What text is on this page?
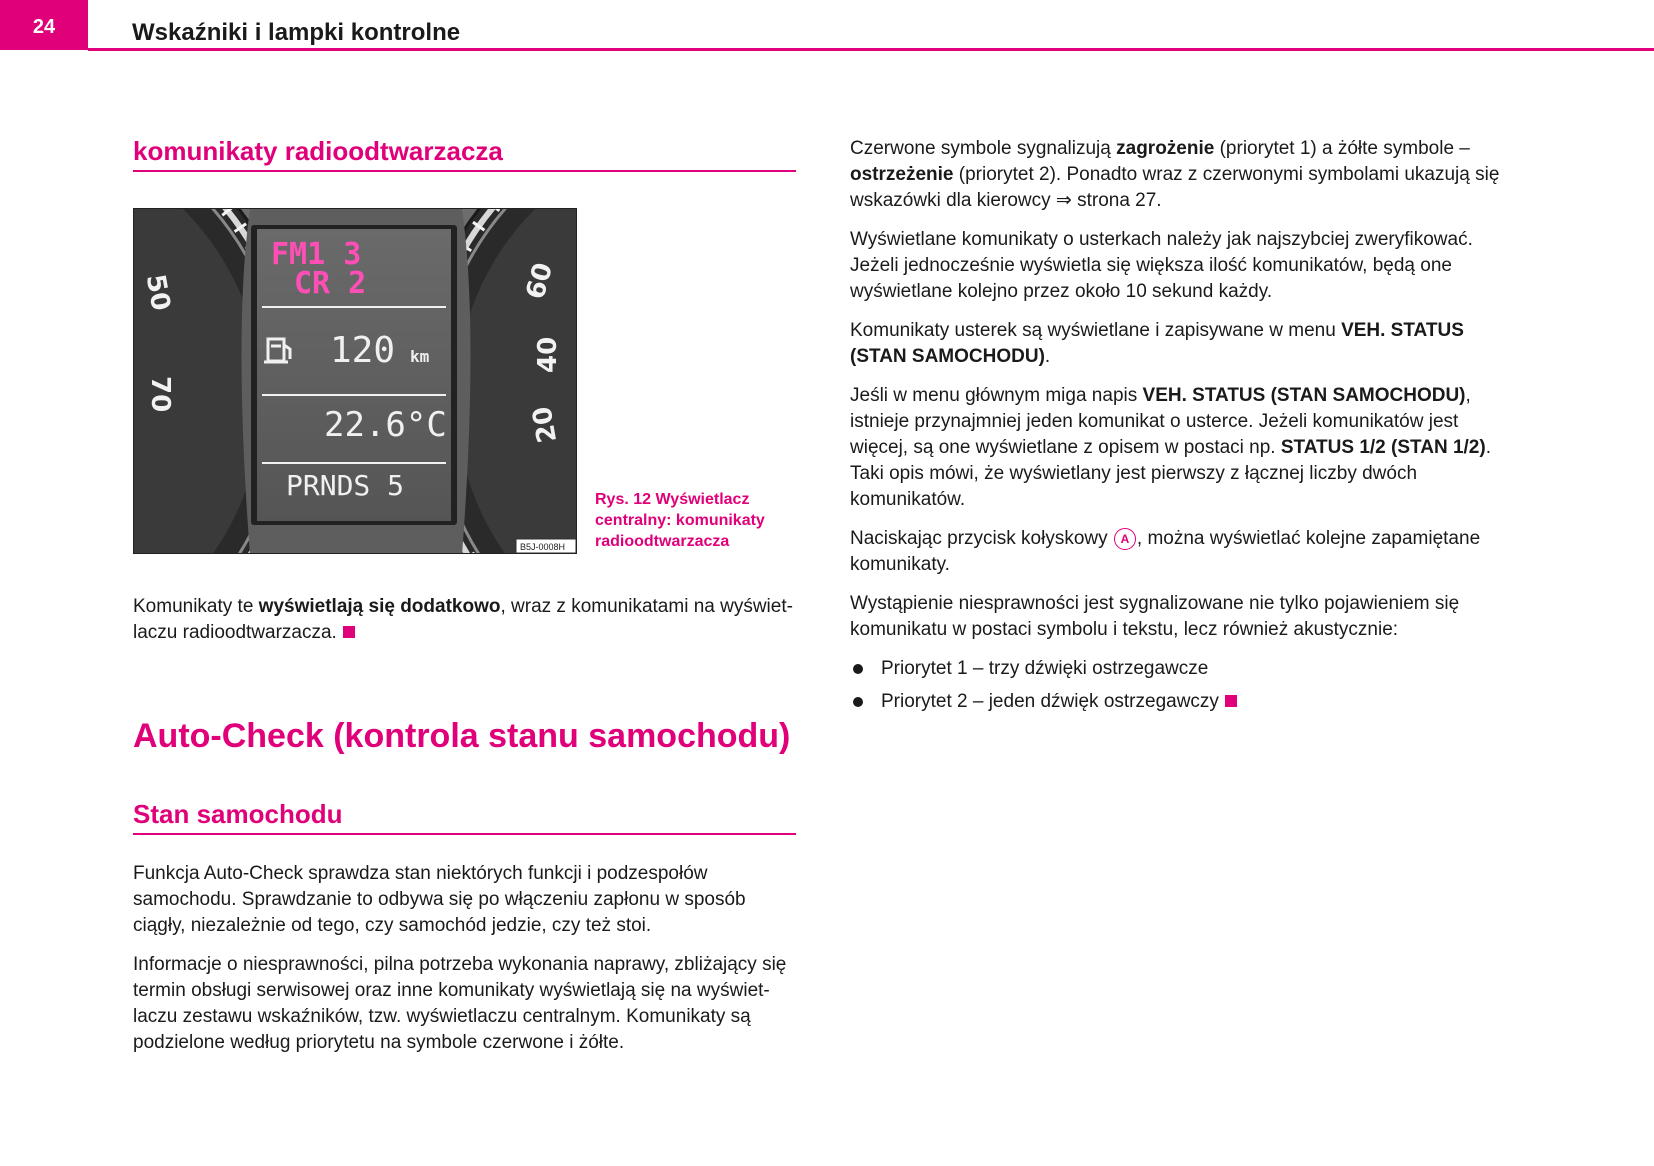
24	Wskaźniki i lampki kontrolne
komunikaty radioodtwarzacza
50
70
60
40
20
FM1 3
CR 2
120 km
22.6°C
PRNDS 5
B5J-0008H
Rys. 12 Wyświetlacz centralny: komunikaty radioodtwarzacza

Komunikaty te wyświetlają się dodatkowo, wraz z komunikatami na wyświet-laczu radioodtwarzacza.

Auto-Check (kontrola stanu samochodu)
Stan samochodu

Funkcja Auto-Check sprawdza stan niektórych funkcji i podzespołów samochodu. Sprawdzanie to odbywa się po włączeniu zapłonu w sposób ciągły, niezależnie od tego, czy samochód jedzie, czy też stoi.

Informacje o niesprawności, pilna potrzeba wykonania naprawy, zbliżający się termin obsługi serwisowej oraz inne komunikaty wyświetlają się na wyświet-laczu zestawu wskaźników, tzw. wyświetlaczu centralnym. Komunikaty są podzielone według priorytetu na symbole czerwone i żółte.

Czerwone symbole sygnalizują zagrożenie (priorytet 1) a żółte symbole – ostrzeżenie (priorytet 2). Ponadto wraz z czerwonymi symbolami ukazują się wskazówki dla kierowcy ⇒ strona 27.

Wyświetlane komunikaty o usterkach należy jak najszybciej zweryfikować. Jeżeli jednocześnie wyświetla się większa ilość komunikatów, będą one wyświetlane kolejno przez około 10 sekund każdy.

Komunikaty usterek są wyświetlane i zapisywane w menu VEH. STATUS (STAN SAMOCHODU).

Jeśli w menu głównym miga napis VEH. STATUS (STAN SAMOCHODU), istnieje przynajmniej jeden komunikat o usterce. Jeżeli komunikatów jest więcej, są one wyświetlane z opisem w postaci np. STATUS 1/2 (STAN 1/2). Taki opis mówi, że wyświetlany jest pierwszy z łącznej liczby dwóch komunikatów.

Naciskając przycisk kołyskowy A , można wyświetlać kolejne zapamiętane komunikaty.

Wystąpienie niesprawności jest sygnalizowane nie tylko pojawieniem się komunikatu w postaci symbolu i tekstu, lecz również akustycznie:

Priorytet 1 – trzy dźwięki ostrzegawcze
Priorytet 2 – jeden dźwięk ostrzegawczy
